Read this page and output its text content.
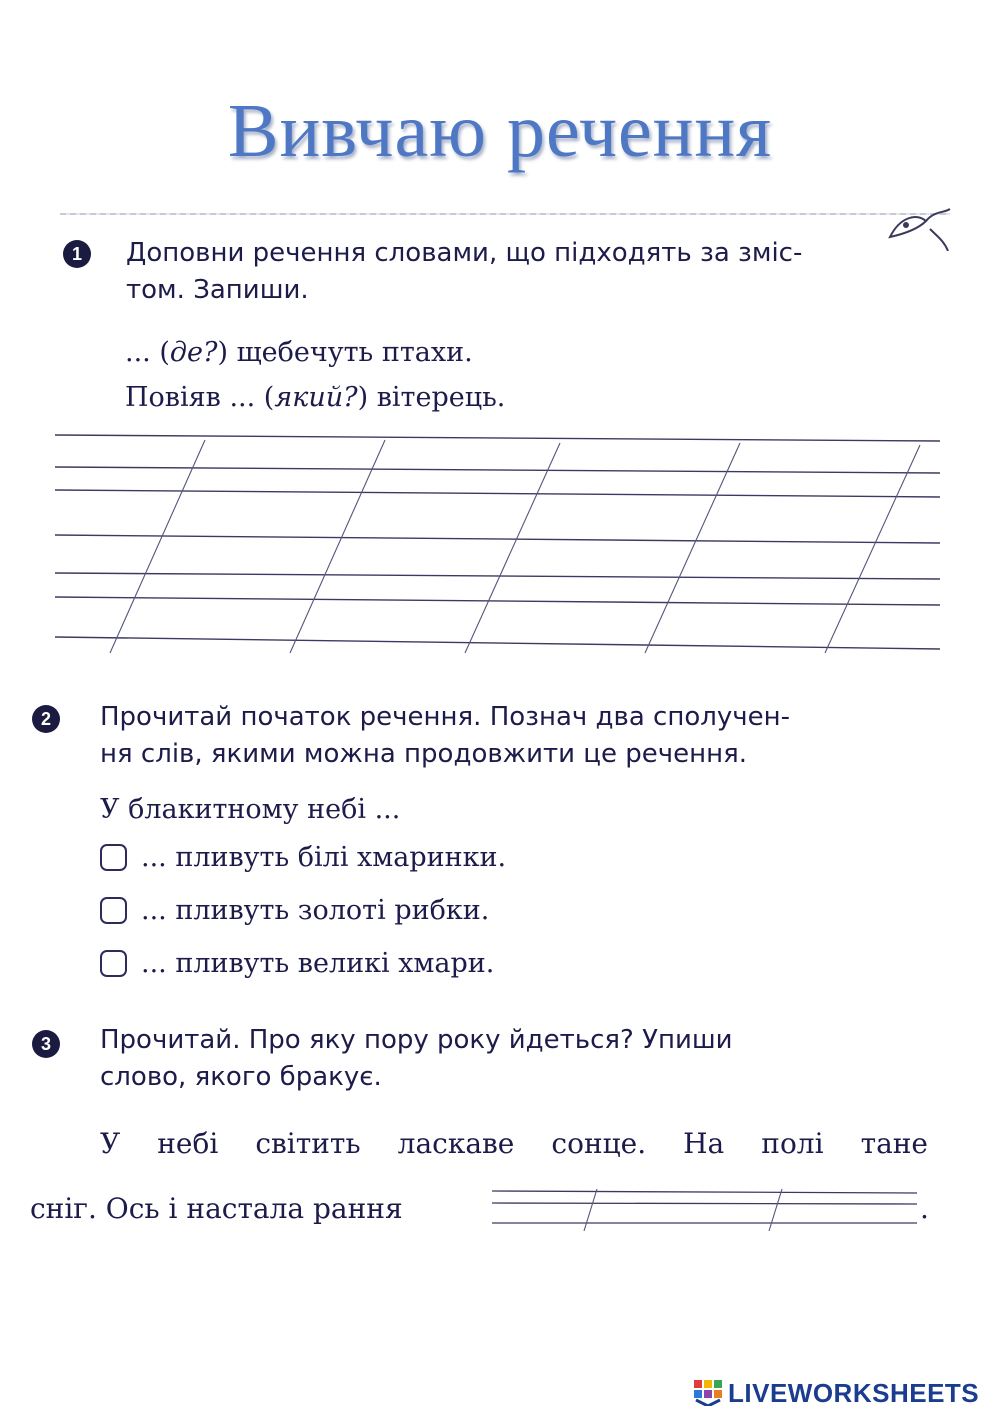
Вивчаю речення
1	Доповни речення словами, що підходять за зміс-
том. Запиши.
... (де?) щебечуть птахи.
Повіяв ... (який?) вітерець.
2	Прочитай початок речення. Познач два сполучен-
ня слів, якими можна продовжити це речення.
У блакитному небі ...
... пливуть білі хмаринки.
... пливуть золоті рибки.
... пливуть великі хмари.
3	Прочитай. Про яку пору року йдеться? Упиши
слово, якого бракує.
У небі світить ласкаве сонце. На полі тане
сніг. Ось і настала рання	.
LIVEWORKSHEETS
